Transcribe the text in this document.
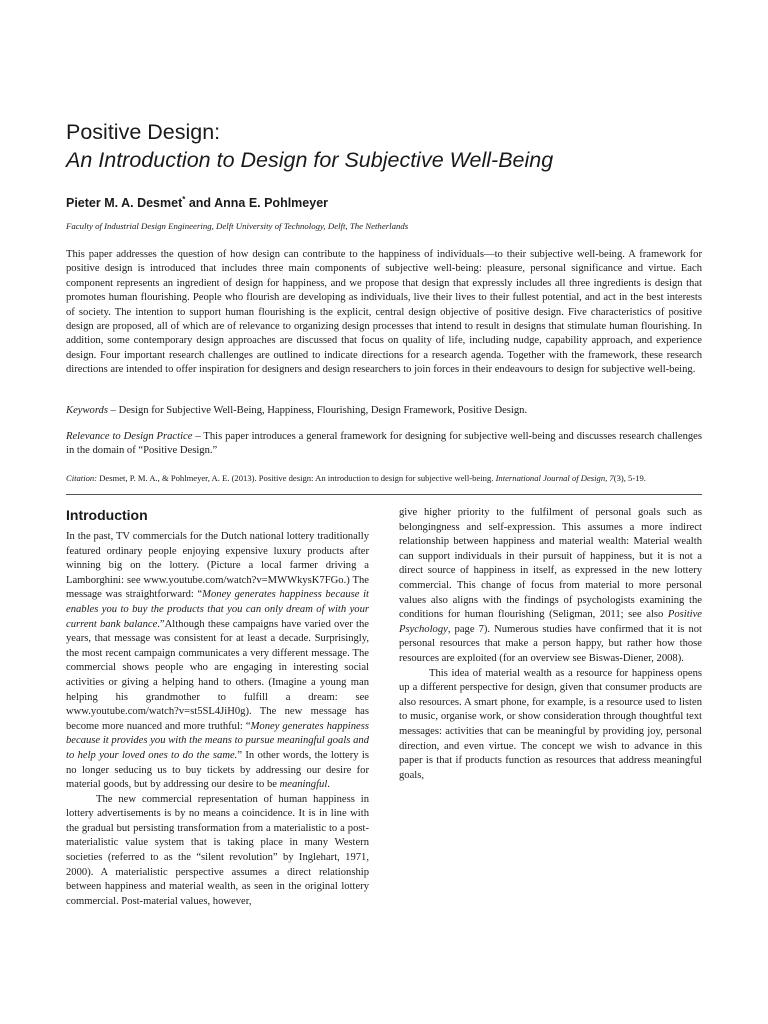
Positive Design:
An Introduction to Design for Subjective Well-Being
Pieter M. A. Desmet* and Anna E. Pohlmeyer
Faculty of Industrial Design Engineering, Delft University of Technology, Delft, The Netherlands

This paper addresses the question of how design can contribute to the happiness of individuals—to their subjective well-being. A framework for positive design is introduced that includes three main components of subjective well-being: pleasure, personal significance and virtue. Each component represents an ingredient of design for happiness, and we propose that design that expressly includes all three ingredients is design that promotes human flourishing. People who flourish are developing as individuals, live their lives to their fullest potential, and act in the best interests of society. The intention to support human flourishing is the explicit, central design objective of positive design. Five characteristics of positive design are proposed, all of which are of relevance to organizing design processes that intend to result in designs that stimulate human flourishing. In addition, some contemporary design approaches are discussed that focus on quality of life, including nudge, capability approach, and experience design. Four important research challenges are outlined to indicate directions for a research agenda. Together with the framework, these research directions are intended to offer inspiration for designers and design researchers to join forces in their endeavours to design for subjective well-being.

Keywords – Design for Subjective Well-Being, Happiness, Flourishing, Design Framework, Positive Design.

Relevance to Design Practice – This paper introduces a general framework for designing for subjective well-being and discusses research challenges in the domain of “Positive Design.”

Citation: Desmet, P. M. A., & Pohlmeyer, A. E. (2013). Positive design: An introduction to design for subjective well-being. International Journal of Design, 7(3), 5-19.

Introduction

In the past, TV commercials for the Dutch national lottery traditionally featured ordinary people enjoying expensive luxury products after winning big on the lottery. (Picture a local farmer driving a Lamborghini: see www.youtube.com/watch?v=MWWkysK7FGo.) The message was straightforward: “Money generates happiness because it enables you to buy the products that you can only dream of with your current bank balance.”Although these campaigns have varied over the years, that message was consistent for at least a decade. Surprisingly, the most recent campaign communicates a very different message. The commercial shows people who are engaging in interesting social activities or giving a helping hand to others. (Imagine a young man helping his grandmother to fulfill a dream: see www.youtube.com/watch?v=st5SL4JiH0g). The new message has become more nuanced and more truthful: “Money generates happiness because it provides you with the means to pursue meaningful goals and to help your loved ones to do the same.” In other words, the lottery is no longer seducing us to buy tickets by addressing our desire for material goods, but by addressing our desire to be meaningful.

The new commercial representation of human happiness in lottery advertisements is by no means a coincidence. It is in line with the gradual but persisting transformation from a materialistic to a post-materialistic value system that is taking place in many Western societies (referred to as the “silent revolution” by Inglehart, 1971, 2000). A materialistic perspective assumes a direct relationship between happiness and material wealth, as seen in the original lottery commercial. Post-material values, however,

give higher priority to the fulfilment of personal goals such as belongingness and self-expression. This assumes a more indirect relationship between happiness and material wealth: Material wealth can support individuals in their pursuit of happiness, but it is not a direct source of happiness in itself, as expressed in the new lottery commercial. This change of focus from material to more personal values also aligns with the findings of psychologists examining the conditions for human flourishing (Seligman, 2011; see also Positive Psychology, page 7). Numerous studies have confirmed that it is not personal resources that make a person happy, but rather how those resources are exploited (for an overview see Biswas-Diener, 2008).

This idea of material wealth as a resource for happiness opens up a different perspective for design, given that consumer products are also resources. A smart phone, for example, is a resource used to listen to music, organise work, or show consideration through thoughtful text messages: activities that can be meaningful by providing joy, personal direction, and even virtue. The concept we wish to advance in this paper is that if products function as resources that address meaningful goals,
